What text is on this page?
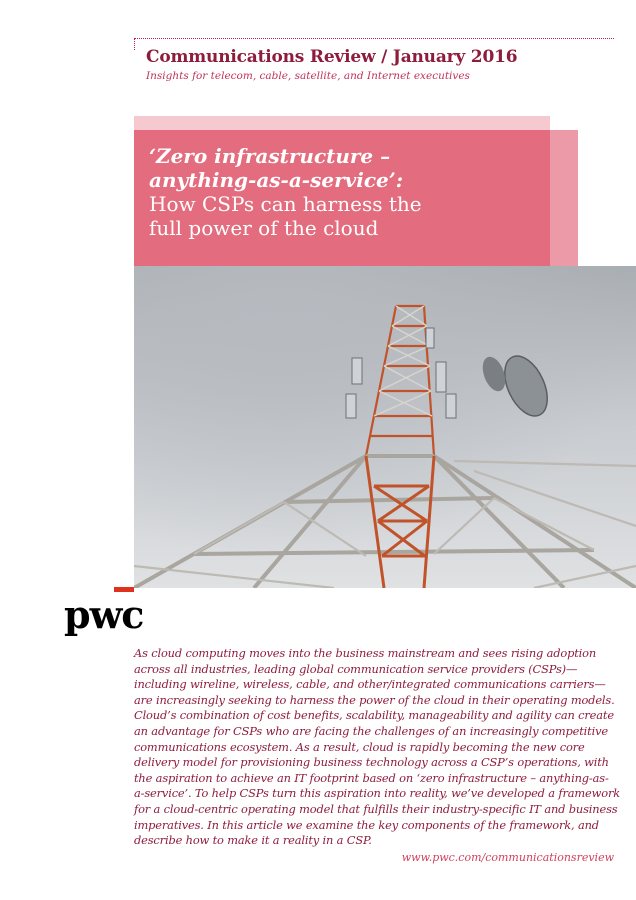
Communications Review / January 2016
Insights for telecom, cable, satellite, and Internet executives
‘Zero infrastructure –
anything-as-a-service’:
How CSPs can harness the
full power of the cloud
pwc
As cloud computing moves into the business mainstream and sees rising adoption
across all industries, leading global communication service providers (CSPs)—
including wireline, wireless, cable, and other/integrated communications carriers—
are increasingly seeking to harness the power of the cloud in their operating models.
Cloud’s combination of cost benefits, scalability, manageability and agility can create
an advantage for CSPs who are facing the challenges of an increasingly competitive
communications ecosystem. As a result, cloud is rapidly becoming the new core
delivery model for provisioning business technology across a CSP’s operations, with
the aspiration to achieve an IT footprint based on ‘zero infrastructure – anything-as-
a-service’. To help CSPs turn this aspiration into reality, we’ve developed a framework
for a cloud-centric operating model that fulfills their industry-specific IT and business
imperatives. In this article we examine the key components of the framework, and
describe how to make it a reality in a CSP.
www.pwc.com/communicationsreview
